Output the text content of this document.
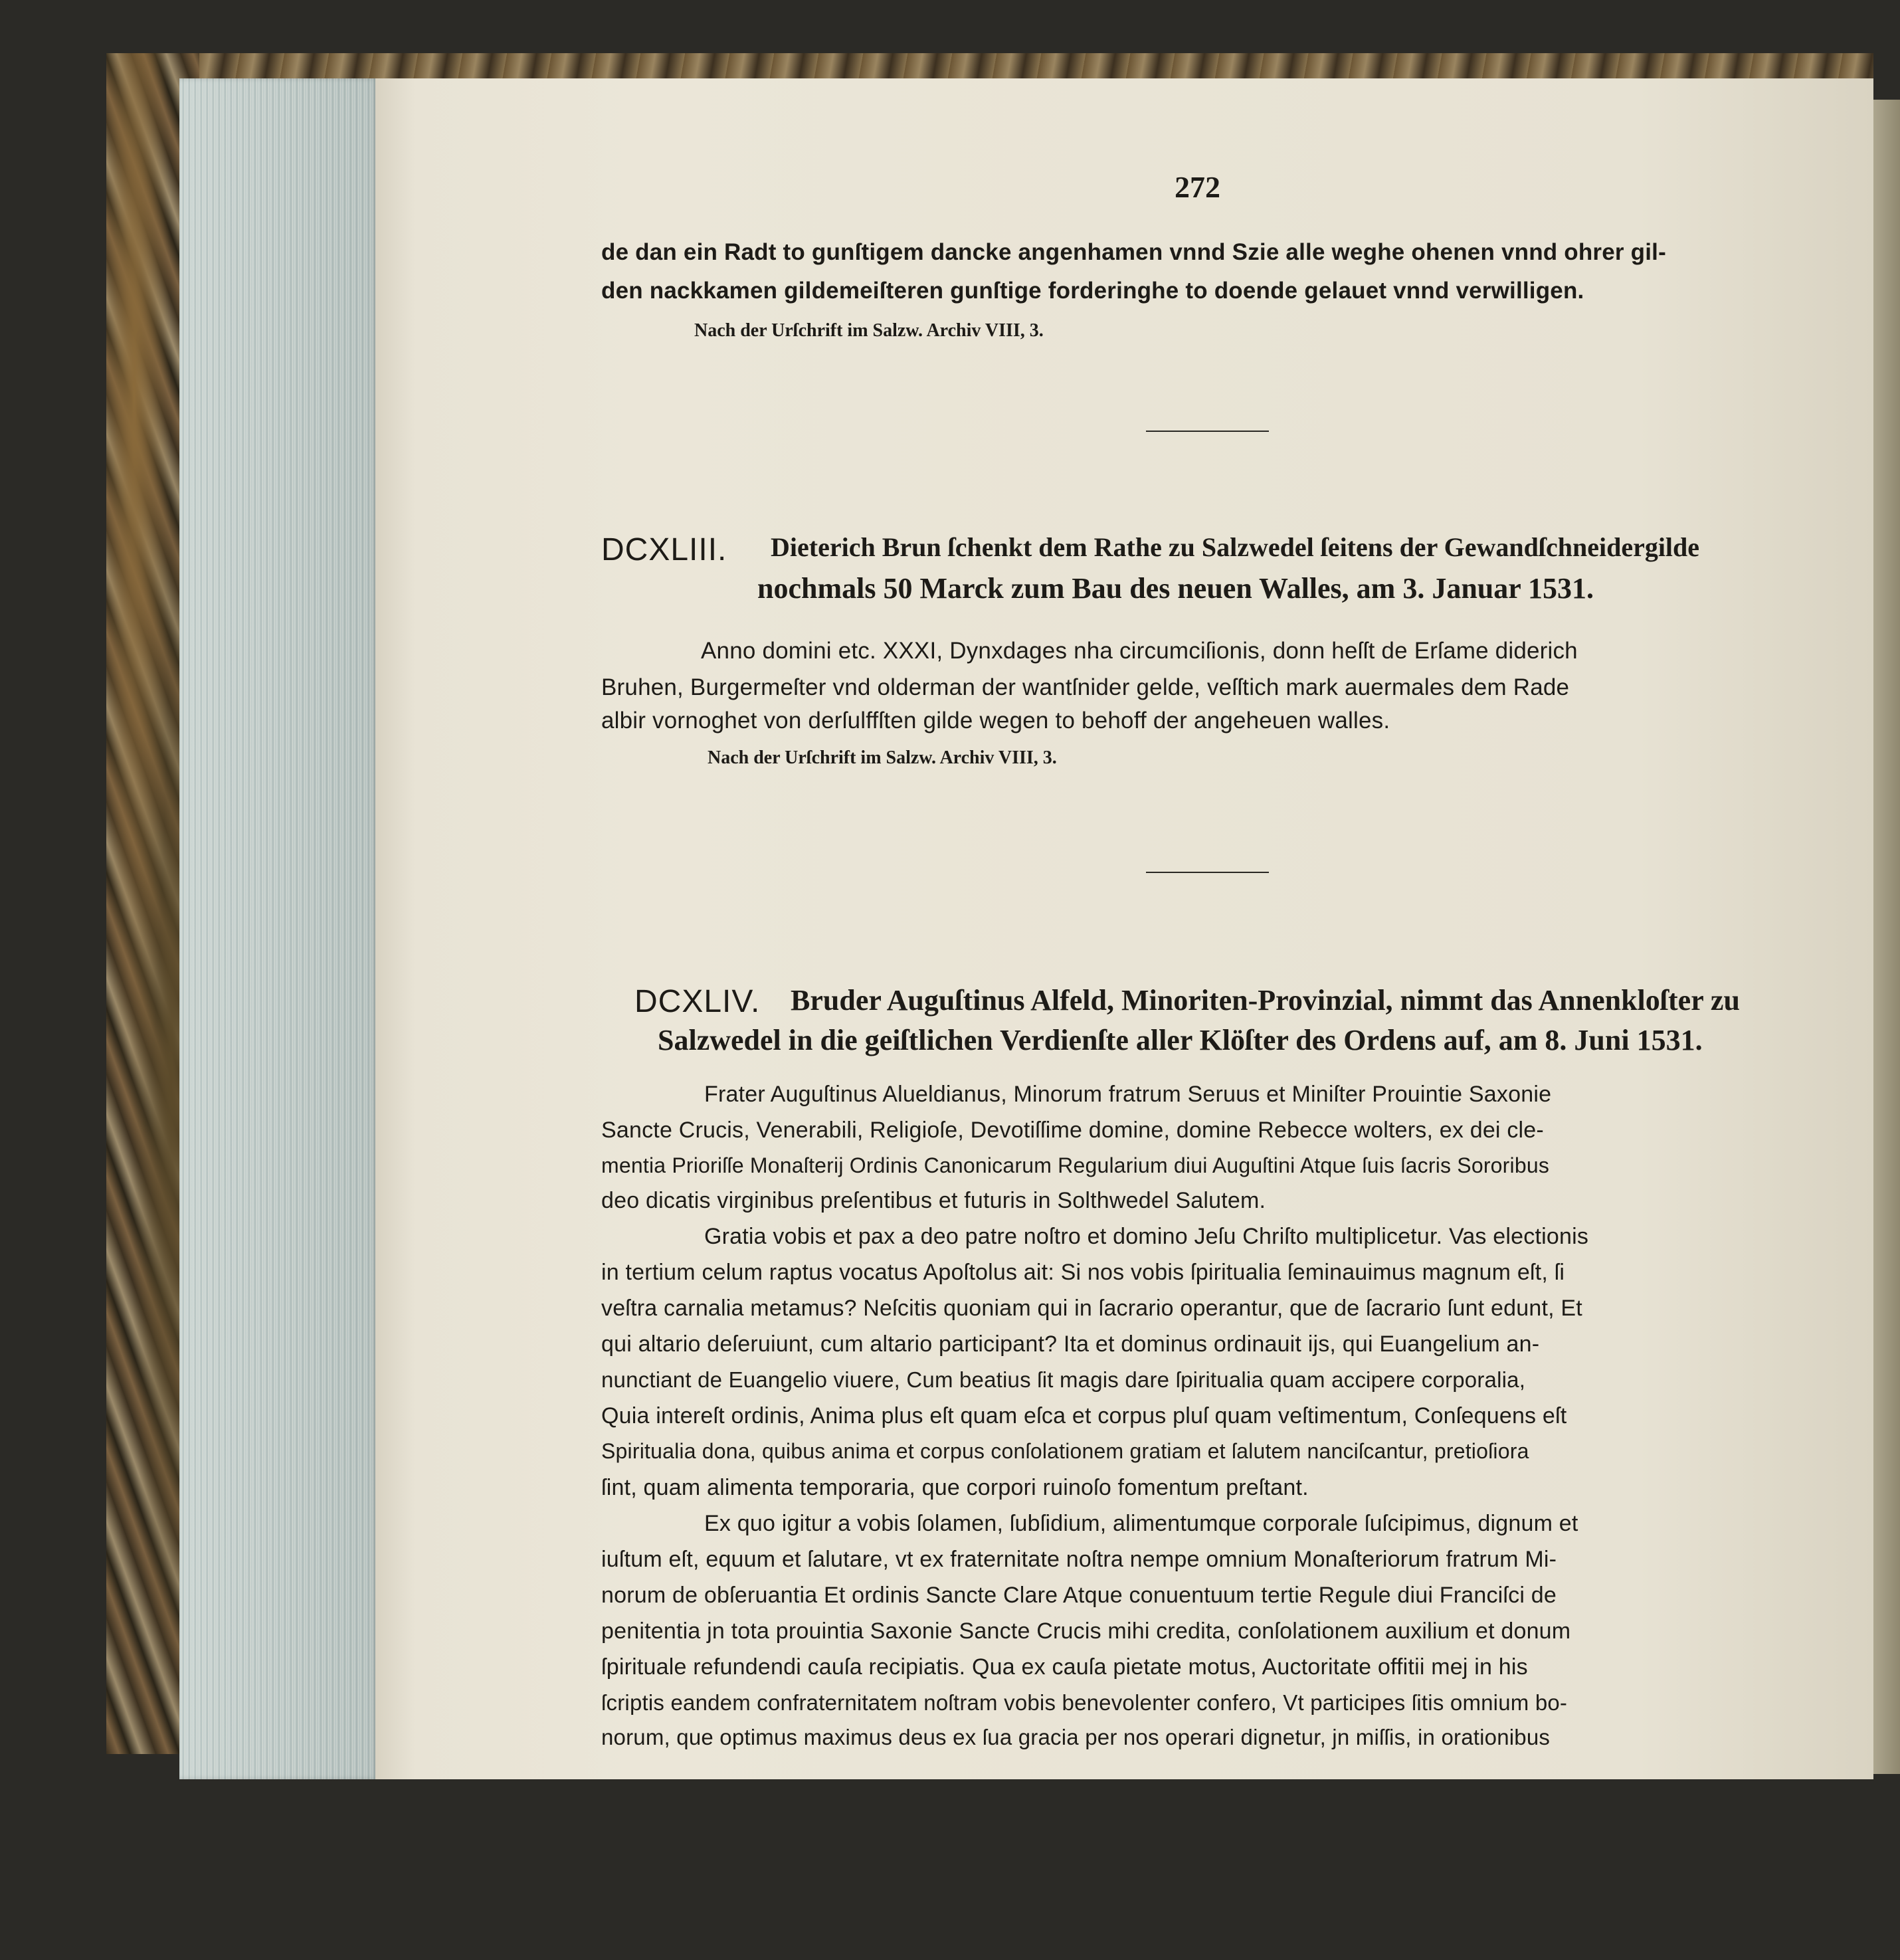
272
de dan ein Radt to gunſtigem dancke angenhamen vnnd Szie alle weghe ohenen vnnd ohrer gil-
den nackkamen gildemeiſteren gunſtige forderinghe to doende gelauet vnnd verwilligen.
Nach der Urſchrift im Salzw. Archiv VIII, 3.
DCXLIII. Dieterich Brun ſchenkt dem Rathe zu Salzwedel ſeitens der Gewandſchneidergilde
nochmals 50 Marck zum Bau des neuen Walles, am 3. Januar 1531.
Anno domini etc. XXXI, Dynxdages nha circumciſionis, donn heſſt de Erſame diderich
Bruhen, Burgermeſter vnd olderman der wantſnider gelde, veſſtich mark auermales dem Rade
albir vornoghet von derſulffſten gilde wegen to behoff der angeheuen walles.
Nach der Urſchrift im Salzw. Archiv VIII, 3.
DCXLIV. Bruder Auguſtinus Alfeld, Minoriten-Provinzial, nimmt das Annenkloſter zu
Salzwedel in die geiſtlichen Verdienſte aller Klöſter des Ordens auf, am 8. Juni 1531.
Frater Auguſtinus Alueldianus, Minorum fratrum Seruus et Miniſter Prouintie Saxonie
Sancte Crucis, Venerabili, Religioſe, Devotiſſime domine, domine Rebecce wolters, ex dei cle-
mentia Prioriſſe Monaſterij Ordinis Canonicarum Regularium diui Auguſtini Atque ſuis ſacris Sororibus
deo dicatis virginibus preſentibus et futuris in Solthwedel Salutem.
Gratia vobis et pax a deo patre noſtro et domino Jeſu Chriſto multiplicetur. Vas electionis
in tertium celum raptus vocatus Apoſtolus ait: Si nos vobis ſpiritualia ſeminauimus magnum eſt, ſi
veſtra carnalia metamus? Neſcitis quoniam qui in ſacrario operantur, que de ſacrario ſunt edunt, Et
qui altario deſeruiunt, cum altario participant? Ita et dominus ordinauit ijs, qui Euangelium an-
nunctiant de Euangelio viuere, Cum beatius ſit magis dare ſpiritualia quam accipere corporalia,
Quia intereſt ordinis, Anima plus eſt quam eſca et corpus pluſ quam veſtimentum, Conſequens eſt
Spiritualia dona, quibus anima et corpus conſolationem gratiam et ſalutem nanciſcantur, pretioſiora
ſint, quam alimenta temporaria, que corpori ruinoſo fomentum preſtant.
Ex quo igitur a vobis ſolamen, ſubſidium, alimentumque corporale ſuſcipimus, dignum et
iuſtum eſt, equum et ſalutare, vt ex fraternitate noſtra nempe omnium Monaſteriorum fratrum Mi-
norum de obſeruantia Et ordinis Sancte Clare Atque conuentuum tertie Regule diui Franciſci de
penitentia jn tota prouintia Saxonie Sancte Crucis mihi credita, conſolationem auxilium et donum
ſpirituale refundendi cauſa recipiatis. Qua ex cauſa pietate motus, Auctoritate offitii mej in his
ſcriptis eandem confraternitatem noſtram vobis benevolenter confero, Vt participes ſitis omnium bo-
norum, que optimus maximus deus ex ſua gracia per nos operari dignetur, jn miſſis, in orationibus
